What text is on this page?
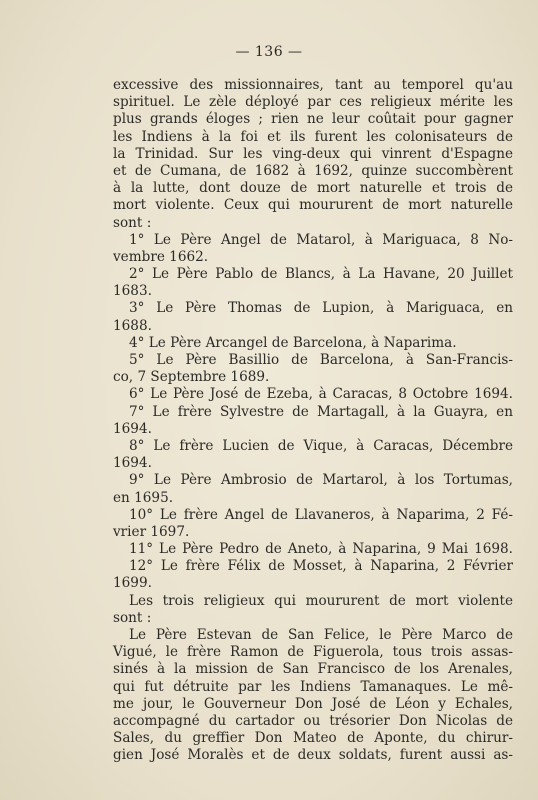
— 136 —
excessive des missionnaires, tant au temporel qu'au
spirituel. Le zèle déployé par ces religieux mérite les
plus grands éloges ; rien ne leur coûtait pour gagner
les Indiens à la foi et ils furent les colonisateurs de
la Trinidad. Sur les ving-deux qui vinrent d'Espagne
et de Cumana, de 1682 à 1692, quinze succombèrent
à la lutte, dont douze de mort naturelle et trois de
mort violente. Ceux qui moururent de mort naturelle
sont :
1° Le Père Angel de Matarol, à Mariguaca, 8 No-
vembre 1662.
2° Le Père Pablo de Blancs, à La Havane, 20 Juillet
1683.
3° Le Père Thomas de Lupion, à Mariguaca, en
1688.
4° Le Père Arcangel de Barcelona, à Naparima.
5° Le Père Basillio de Barcelona, à San-Francis-
co, 7 Septembre 1689.
6° Le Père José de Ezeba, à Caracas, 8 Octobre 1694.
7° Le frère Sylvestre de Martagall, à la Guayra, en
1694.
8° Le frère Lucien de Vique, à Caracas, Décembre
1694.
9° Le Père Ambrosio de Martarol, à los Tortumas,
en 1695.
10° Le frère Angel de Llavaneros, à Naparima, 2 Fé-
vrier 1697.
11° Le Père Pedro de Aneto, à Naparina, 9 Mai 1698.
12° Le frère Félix de Mosset, à Naparina, 2 Février
1699.
Les trois religieux qui moururent de mort violente
sont :
Le Père Estevan de San Felice, le Père Marco de
Vigué, le frère Ramon de Figuerola, tous trois assas-
sinés à la mission de San Francisco de los Arenales,
qui fut détruite par les Indiens Tamanaques. Le mê-
me jour, le Gouverneur Don José de Léon y Echales,
accompagné du cartador ou trésorier Don Nicolas de
Sales, du greffier Don Mateo de Aponte, du chirur-
gien José Moralès et de deux soldats, furent aussi as-
